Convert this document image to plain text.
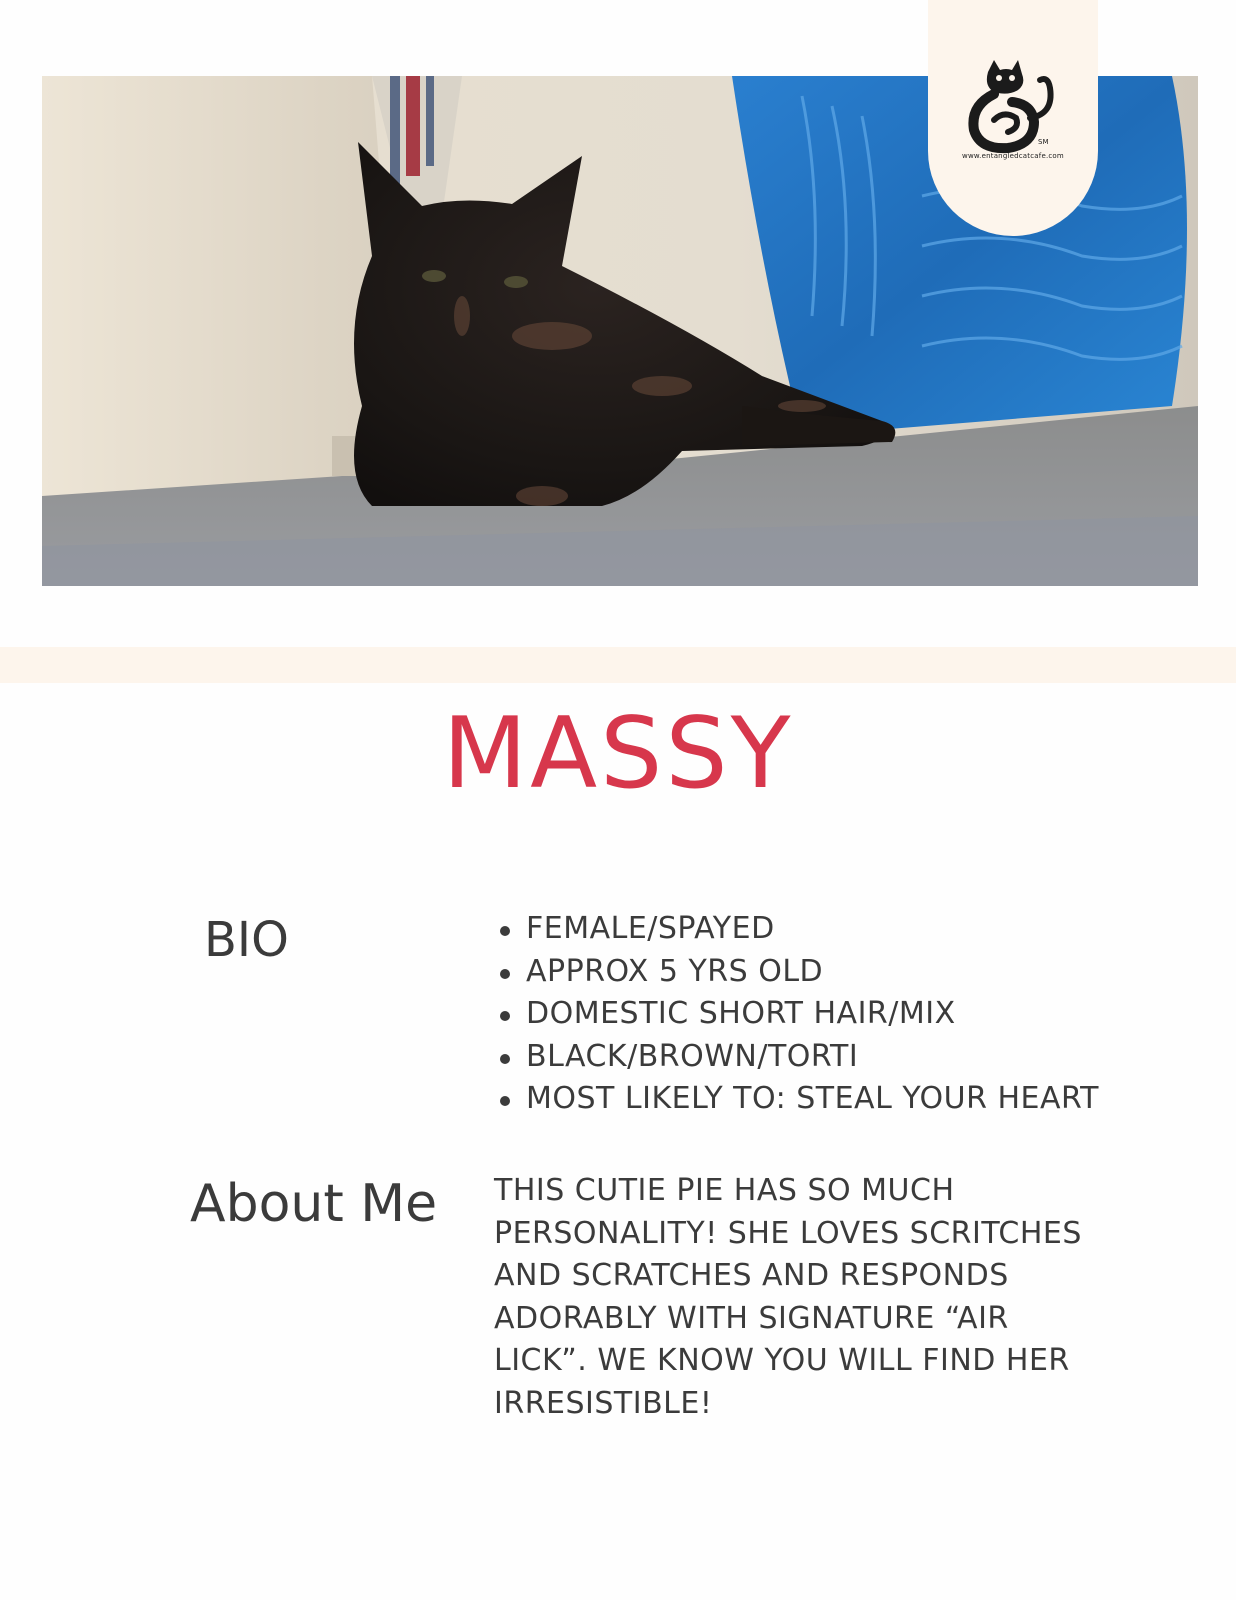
SM
www.entangledcatcafe.com
MASSY
BIO	FEMALE/SPAYED
APPROX 5 YRS OLD
DOMESTIC SHORT HAIR/MIX
BLACK/BROWN/TORTI
MOST LIKELY TO: STEAL YOUR HEART
About Me THIS CUTIE PIE HAS SO MUCH PERSONALITY! SHE LOVES SCRITCHES AND SCRATCHES AND RESPONDS ADORABLY WITH SIGNATURE “AIR LICK”. WE KNOW YOU WILL FIND HER IRRESISTIBLE!
